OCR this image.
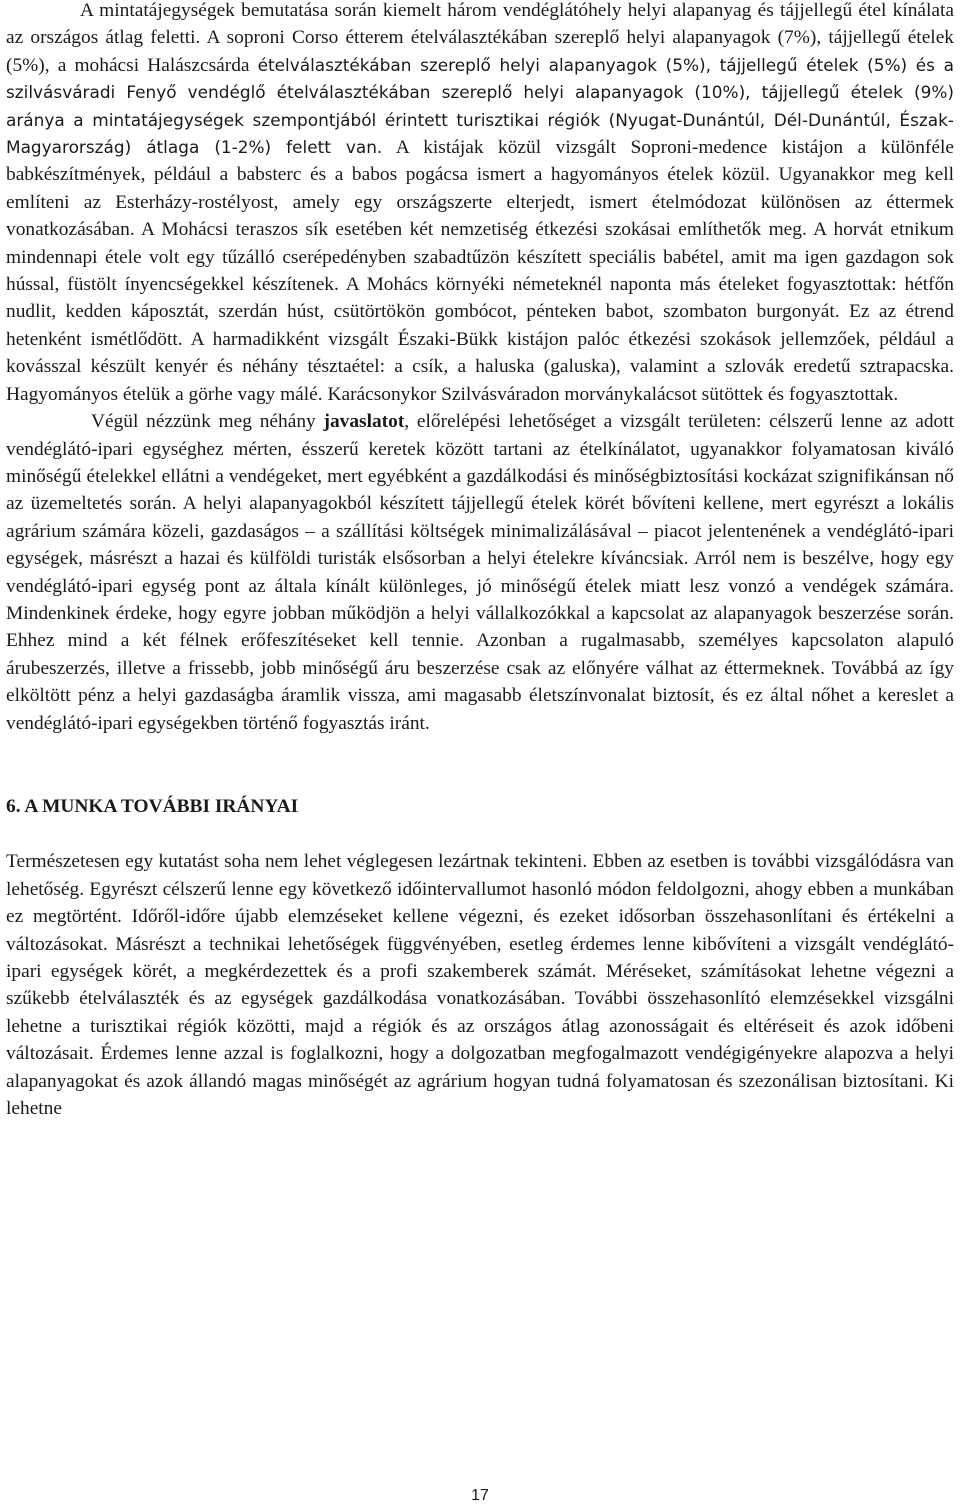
A mintatájegységek bemutatása során kiemelt három vendéglátóhely helyi alapanyag és tájjellegű étel kínálata az országos átlag feletti. A soproni Corso étterem ételválasztékában szereplő helyi alapanyagok (7%), tájjellegű ételek (5%), a mohácsi Halászcsárda ételválasztékában szereplő helyi alapanyagok (5%), tájjellegű ételek (5%) és a szilvásváradi Fenyő vendéglő ételválasztékában szereplő helyi alapanyagok (10%), tájjellegű ételek (9%) aránya a mintatájegységek szempontjából érintett turisztikai régiók (Nyugat-Dunántúl, Dél-Dunántúl, Észak-Magyarország) átlaga (1-2%) felett van. A kistájak közül vizsgált Soproni-medence kistájon a különféle babkészítmények, például a babsterc és a babos pogácsa ismert a hagyományos ételek közül. Ugyanakkor meg kell említeni az Esterházy-rostélyost, amely egy országszerte elterjedt, ismert ételmódozat különösen az éttermek vonatkozásában. A Mohácsi teraszos sík esetében két nemzetiség étkezési szokásai említhetők meg. A horvát etnikum mindennapi étele volt egy tűzálló cserépedényben szabadtűzön készített speciális babétel, amit ma igen gazdagon sok hússal, füstölt ínyencségekkel készítenek. A Mohács környéki németeknél naponta más ételeket fogyasztottak: hétfőn nudlit, kedden káposztát, szerdán húst, csütörtökön gombócot, pénteken babot, szombaton burgonyát. Ez az étrend hetenként ismétlődött. A harmadikként vizsgált Északi-Bükk kistájon palóc étkezési szokások jellemzőek, például a kovásszal készült kenyér és néhány tésztaétel: a csík, a haluska (galuska), valamint a szlovák eredetű sztrapacska. Hagyományos ételük a görhe vagy málé. Karácsonykor Szilvásváradon morványkalácsot sütöttek és fogyasztottak.

Végül nézzünk meg néhány javaslatot, előrelépési lehetőséget a vizsgált területen: célszerű lenne az adott vendéglátó-ipari egységhez mérten, ésszerű keretek között tartani az ételkínálatot, ugyanakkor folyamatosan kiváló minőségű ételekkel ellátni a vendégeket, mert egyébként a gazdálkodási és minőségbiztosítási kockázat szignifikánsan nő az üzemeltetés során. A helyi alapanyagokból készített tájjellegű ételek körét bővíteni kellene, mert egyrészt a lokális agrárium számára közeli, gazdaságos – a szállítási költségek minimalizálásával – piacot jelentenének a vendéglátó-ipari egységek, másrészt a hazai és külföldi turisták elsősorban a helyi ételekre kíváncsiak. Arról nem is beszélve, hogy egy vendéglátó-ipari egység pont az általa kínált különleges, jó minőségű ételek miatt lesz vonzó a vendégek számára. Mindenkinek érdeke, hogy egyre jobban működjön a helyi vállalkozókkal a kapcsolat az alapanyagok beszerzése során. Ehhez mind a két félnek erőfeszítéseket kell tennie. Azonban a rugalmasabb, személyes kapcsolaton alapuló árubeszerzés, illetve a frissebb, jobb minőségű áru beszerzése csak az előnyére válhat az éttermeknek. Továbbá az így elköltött pénz a helyi gazdaságba áramlik vissza, ami magasabb életszínvonalat biztosít, és ez által nőhet a kereslet a vendéglátó-ipari egységekben történő fogyasztás iránt.

6. A MUNKA TOVÁBBI IRÁNYAI

Természetesen egy kutatást soha nem lehet véglegesen lezártnak tekinteni. Ebben az esetben is további vizsgálódásra van lehetőség. Egyrészt célszerű lenne egy következő időintervallumot hasonló módon feldolgozni, ahogy ebben a munkában ez megtörtént. Időről-időre újabb elemzéseket kellene végezni, és ezeket idősorban összehasonlítani és értékelni a változásokat. Másrészt a technikai lehetőségek függvényében, esetleg érdemes lenne kibővíteni a vizsgált vendéglátó-ipari egységek körét, a megkérdezettek és a profi szakemberek számát. Méréseket, számításokat lehetne végezni a szűkebb ételválaszték és az egységek gazdálkodása vonatkozásában. További összehasonlító elemzésekkel vizsgálni lehetne a turisztikai régiók közötti, majd a régiók és az országos átlag azonosságait és eltéréseit és azok időbeni változásait. Érdemes lenne azzal is foglalkozni, hogy a dolgozatban megfogalmazott vendégigényekre alapozva a helyi alapanyagokat és azok állandó magas minőségét az agrárium hogyan tudná folyamatosan és szezonálisan biztosítani. Ki lehetne

17
